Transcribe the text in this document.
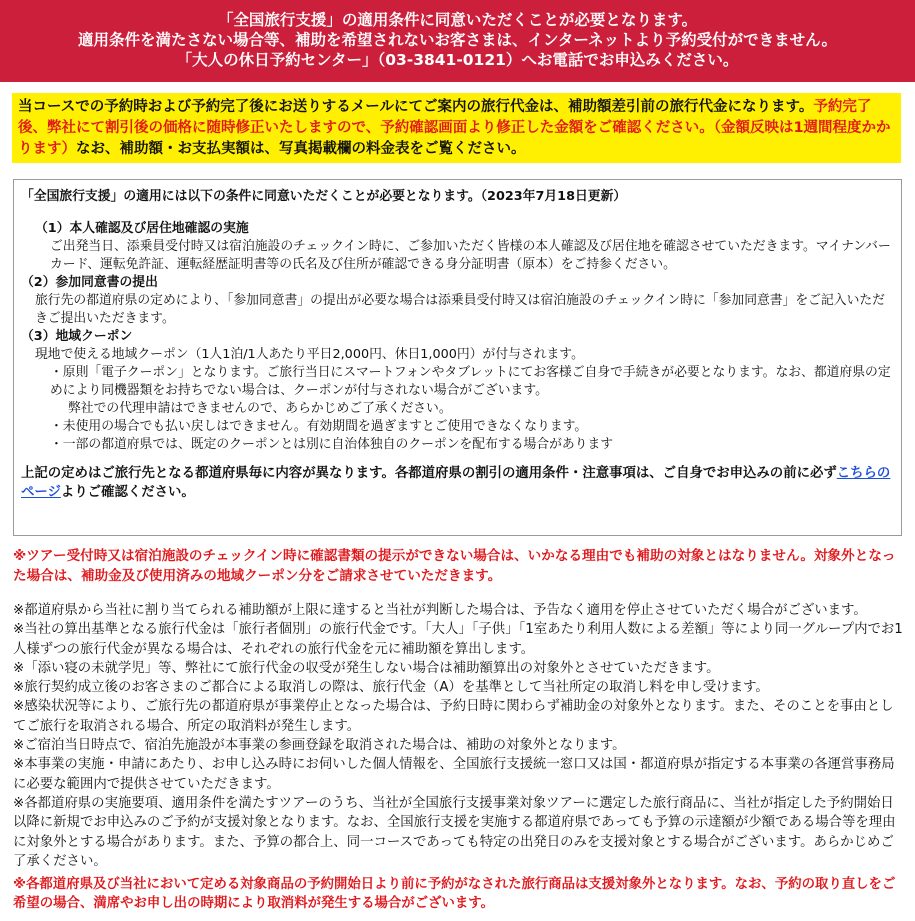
「全国旅行支援」の適用条件に同意いただくことが必要となります。
適用条件を満たさない場合等、補助を希望されないお客さまは、インターネットより予約受付ができません。
「大人の休日予約センター」（03-3841-0121）へお電話でお申込みください。
当コースでの予約時および予約完了後にお送りするメールにてご案内の旅行代金は、補助額差引前の旅行代金になります。予約完了後、弊社にて割引後の価格に随時修正いたしますので、予約確認画面より修正した金額をご確認ください。（金額反映は1週間程度かかります）なお、補助額・お支払実額は、写真掲載欄の料金表をご覧ください。

「全国旅行支援」の適用には以下の条件に同意いただくことが必要となります。（2023年7月18日更新）

（1）本人確認及び居住地確認の実施

ご出発当日、添乗員受付時又は宿泊施設のチェックイン時に、ご参加いただく皆様の本人確認及び居住地を確認させていただきます。マイナンバーカード、運転免許証、運転経歴証明書等の氏名及び住所が確認できる身分証明書（原本）をご持参ください。

（2）参加同意書の提出

旅行先の都道府県の定めにより、「参加同意書」の提出が必要な場合は添乗員受付時又は宿泊施設のチェックイン時に「参加同意書」をご記入いただきご提出いただきます。

（3）地域クーポン

現地で使える地域クーポン（1人1泊/1人あたり平日2,000円、休日1,000円）が付与されます。

・原則「電子クーポン」となります。ご旅行当日にスマートフォンやタブレットにてお客様ご自身で手続きが必要となります。なお、都道府県の定めにより同機器類をお持ちでない場合は、クーポンが付与されない場合がございます。

弊社での代理申請はできませんので、あらかじめご了承ください。

・未使用の場合でも払い戻しはできません。有効期間を過ぎますとご使用できなくなります。

・一部の都道府県では、既定のクーポンとは別に自治体独自のクーポンを配布する場合があります

上記の定めはご旅行先となる都道府県毎に内容が異なります。各都道府県の割引の適用条件・注意事項は、ご自身でお申込みの前に必ずこちらのページよりご確認ください。

※ツアー受付時又は宿泊施設のチェックイン時に確認書類の提示ができない場合は、いかなる理由でも補助の対象とはなりません。対象外となった場合は、補助金及び使用済みの地域クーポン分をご請求させていただきます。

※都道府県から当社に割り当てられる補助額が上限に達すると当社が判断した場合は、予告なく適用を停止させていただく場合がございます。

※当社の算出基準となる旅行代金は「旅行者個別」の旅行代金です。「大人」「子供」「1室あたり利用人数による差額」等により同一グループ内でお1人様ずつの旅行代金が異なる場合は、それぞれの旅行代金を元に補助額を算出します。

※「添い寝の未就学児」等、弊社にて旅行代金の収受が発生しない場合は補助額算出の対象外とさせていただきます。

※旅行契約成立後のお客さまのご都合による取消しの際は、旅行代金（A）を基準として当社所定の取消し料を申し受けます。

※感染状況等により、ご旅行先の都道府県が事業停止となった場合は、予約日時に関わらず補助金の対象外となります。また、そのことを事由としてご旅行を取消される場合、所定の取消料が発生します。

※ご宿泊当日時点で、宿泊先施設が本事業の参画登録を取消された場合は、補助の対象外となります。

※本事業の実施・申請にあたり、お申し込み時にお伺いした個人情報を、全国旅行支援統一窓口又は国・都道府県が指定する本事業の各運営事務局に必要な範囲内で提供させていただきます。

※各都道府県の実施要項、適用条件を満たすツアーのうち、当社が全国旅行支援事業対象ツアーに選定した旅行商品に、当社が指定した予約開始日以降に新規でお申込みのご予約が支援対象となります。なお、全国旅行支援を実施する都道府県であっても予算の示達額が少額である場合等を理由に対象外とする場合があります。また、予算の都合上、同一コースであっても特定の出発日のみを支援対象とする場合がございます。あらかじめご了承ください。

※各都道府県及び当社において定める対象商品の予約開始日より前に予約がなされた旅行商品は支援対象外となります。なお、予約の取り直しをご希望の場合、満席やお申し出の時期により取消料が発生する場合がございます。
